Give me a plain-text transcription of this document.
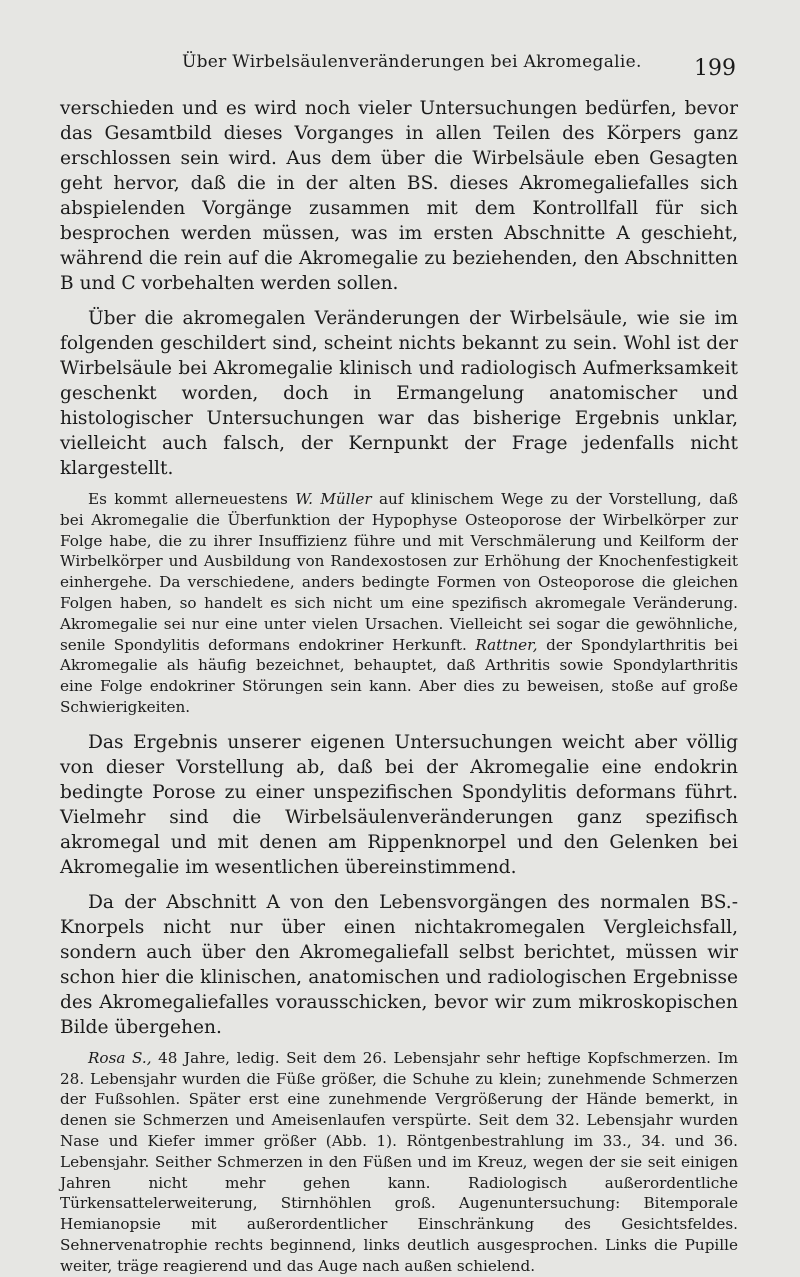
Über Wirbelsäulenveränderungen bei Akromegalie. 199

verschieden und es wird noch vieler Untersuchungen bedürfen, bevor das Gesamtbild dieses Vorganges in allen Teilen des Körpers ganz erschlossen sein wird. Aus dem über die Wirbelsäule eben Gesagten geht hervor, daß die in der alten BS. dieses Akromegaliefalles sich abspielenden Vorgänge zusammen mit dem Kontrollfall für sich besprochen werden müssen, was im ersten Abschnitte A geschieht, während die rein auf die Akromegalie zu beziehenden, den Abschnitten B und C vorbehalten werden sollen.

Über die akromegalen Veränderungen der Wirbelsäule, wie sie im folgenden geschildert sind, scheint nichts bekannt zu sein. Wohl ist der Wirbelsäule bei Akromegalie klinisch und radiologisch Aufmerksamkeit geschenkt worden, doch in Ermangelung anatomischer und histologischer Untersuchungen war das bisherige Ergebnis unklar, vielleicht auch falsch, der Kernpunkt der Frage jedenfalls nicht klargestellt.

Es kommt allerneuestens W. Müller auf klinischem Wege zu der Vorstellung, daß bei Akromegalie die Überfunktion der Hypophyse Osteoporose der Wirbelkörper zur Folge habe, die zu ihrer Insuffizienz führe und mit Verschmälerung und Keilform der Wirbelkörper und Ausbildung von Randexostosen zur Erhöhung der Knochenfestigkeit einhergehe. Da verschiedene, anders bedingte Formen von Osteoporose die gleichen Folgen haben, so handelt es sich nicht um eine spezifisch akromegale Veränderung. Akromegalie sei nur eine unter vielen Ursachen. Vielleicht sei sogar die gewöhnliche, senile Spondylitis deformans endokriner Herkunft. Rattner, der Spondylarthritis bei Akromegalie als häufig bezeichnet, behauptet, daß Arthritis sowie Spondylarthritis eine Folge endokriner Störungen sein kann. Aber dies zu beweisen, stoße auf große Schwierigkeiten.

Das Ergebnis unserer eigenen Untersuchungen weicht aber völlig von dieser Vorstellung ab, daß bei der Akromegalie eine endokrin bedingte Porose zu einer unspezifischen Spondylitis deformans führt. Vielmehr sind die Wirbelsäulenveränderungen ganz spezifisch akromegal und mit denen am Rippenknorpel und den Gelenken bei Akromegalie im wesentlichen übereinstimmend.

Da der Abschnitt A von den Lebensvorgängen des normalen BS.-Knorpels nicht nur über einen nichtakromegalen Vergleichsfall, sondern auch über den Akromegaliefall selbst berichtet, müssen wir schon hier die klinischen, anatomischen und radiologischen Ergebnisse des Akromegaliefalles vorausschicken, bevor wir zum mikroskopischen Bilde übergehen.

Rosa S., 48 Jahre, ledig. Seit dem 26. Lebensjahr sehr heftige Kopfschmerzen. Im 28. Lebensjahr wurden die Füße größer, die Schuhe zu klein; zunehmende Schmerzen der Fußsohlen. Später erst eine zunehmende Vergrößerung der Hände bemerkt, in denen sie Schmerzen und Ameisenlaufen verspürte. Seit dem 32. Lebensjahr wurden Nase und Kiefer immer größer (Abb. 1). Röntgenbestrahlung im 33., 34. und 36. Lebensjahr. Seither Schmerzen in den Füßen und im Kreuz, wegen der sie seit einigen Jahren nicht mehr gehen kann. Radiologisch außerordentliche Türkensattelerweiterung, Stirnhöhlen groß. Augenuntersuchung: Bitemporale Hemianopsie mit außerordentlicher Einschränkung des Gesichtsfeldes. Sehnervenatrophie rechts beginnend, links deutlich ausgesprochen. Links die Pupille weiter, träge reagierend und das Auge nach außen schielend.
